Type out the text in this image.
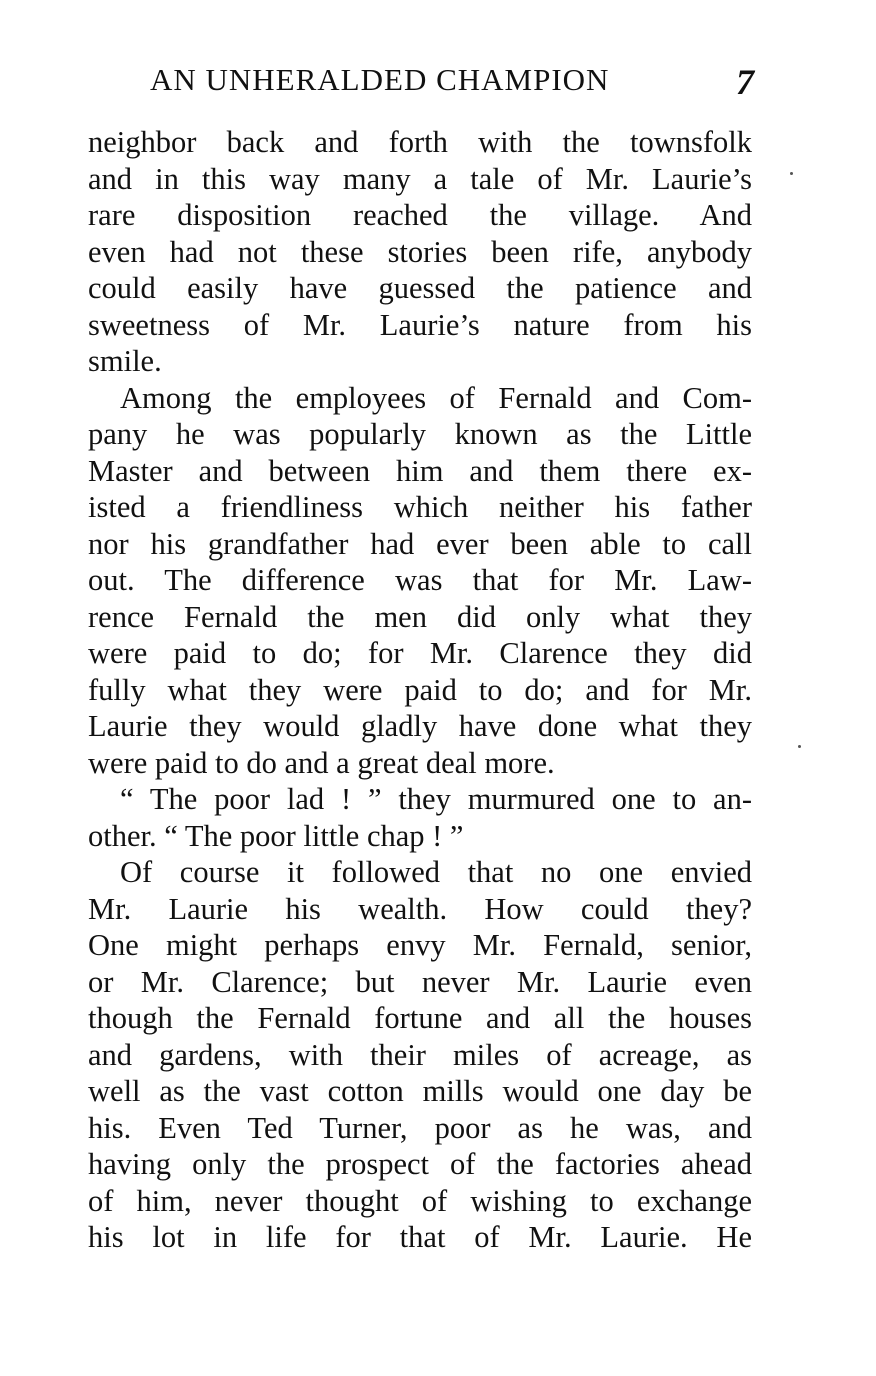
AN UNHERALDED CHAMPION	7
neighbor back and forth with the townsfolk
and in this way many a tale of Mr. Laurie’s
rare disposition reached the village. And
even had not these stories been rife, anybody
could easily have guessed the patience and
sweetness of Mr. Laurie’s nature from his
smile.
Among the employees of Fernald and Com-
pany he was popularly known as the Little
Master and between him and them there ex-
isted a friendliness which neither his father
nor his grandfather had ever been able to call
out. The difference was that for Mr. Law-
rence Fernald the men did only what they
were paid to do; for Mr. Clarence they did
fully what they were paid to do; and for Mr.
Laurie they would gladly have done what they
were paid to do and a great deal more.
“ The poor lad ! ” they murmured one to an-
other. “ The poor little chap ! ”
Of course it followed that no one envied
Mr. Laurie his wealth. How could they?
One might perhaps envy Mr. Fernald, senior,
or Mr. Clarence; but never Mr. Laurie even
though the Fernald fortune and all the houses
and gardens, with their miles of acreage, as
well as the vast cotton mills would one day be
his. Even Ted Turner, poor as he was, and
having only the prospect of the factories ahead
of him, never thought of wishing to exchange
his lot in life for that of Mr. Laurie. He
